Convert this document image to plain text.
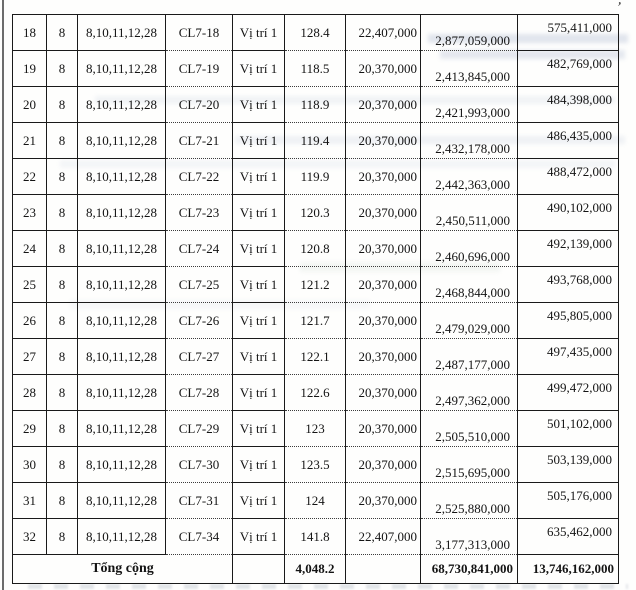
’
18	8	8,10,11,12,28	CL7-18	Vị trí 1	128.4	22,407,000	2,877,059,000	575,411,000
19	8	8,10,11,12,28	CL7-19	Vị trí 1	118.5	20,370,000	2,413,845,000	482,769,000
20	8	8,10,11,12,28	CL7-20	Vị trí 1	118.9	20,370,000	2,421,993,000	484,398,000
21	8	8,10,11,12,28	CL7-21	Vị trí 1	119.4	20,370,000	2,432,178,000	486,435,000
22	8	8,10,11,12,28	CL7-22	Vị trí 1	119.9	20,370,000	2,442,363,000	488,472,000
23	8	8,10,11,12,28	CL7-23	Vị trí 1	120.3	20,370,000	2,450,511,000	490,102,000
24	8	8,10,11,12,28	CL7-24	Vị trí 1	120.8	20,370,000	2,460,696,000	492,139,000
25	8	8,10,11,12,28	CL7-25	Vị trí 1	121.2	20,370,000	2,468,844,000	493,768,000
26	8	8,10,11,12,28	CL7-26	Vị trí 1	121.7	20,370,000	2,479,029,000	495,805,000
27	8	8,10,11,12,28	CL7-27	Vị trí 1	122.1	20,370,000	2,487,177,000	497,435,000
28	8	8,10,11,12,28	CL7-28	Vị trí 1	122.6	20,370,000	2,497,362,000	499,472,000
29	8	8,10,11,12,28	CL7-29	Vị trí 1	123	20,370,000	2,505,510,000	501,102,000
30	8	8,10,11,12,28	CL7-30	Vị trí 1	123.5	20,370,000	2,515,695,000	503,139,000
31	8	8,10,11,12,28	CL7-31	Vị trí 1	124	20,370,000	2,525,880,000	505,176,000
32	8	8,10,11,12,28	CL7-34	Vị trí 1	141.8	22,407,000	3,177,313,000	635,462,000
Tổng cộng					4,048.2		68,730,841,000	13,746,162,000
